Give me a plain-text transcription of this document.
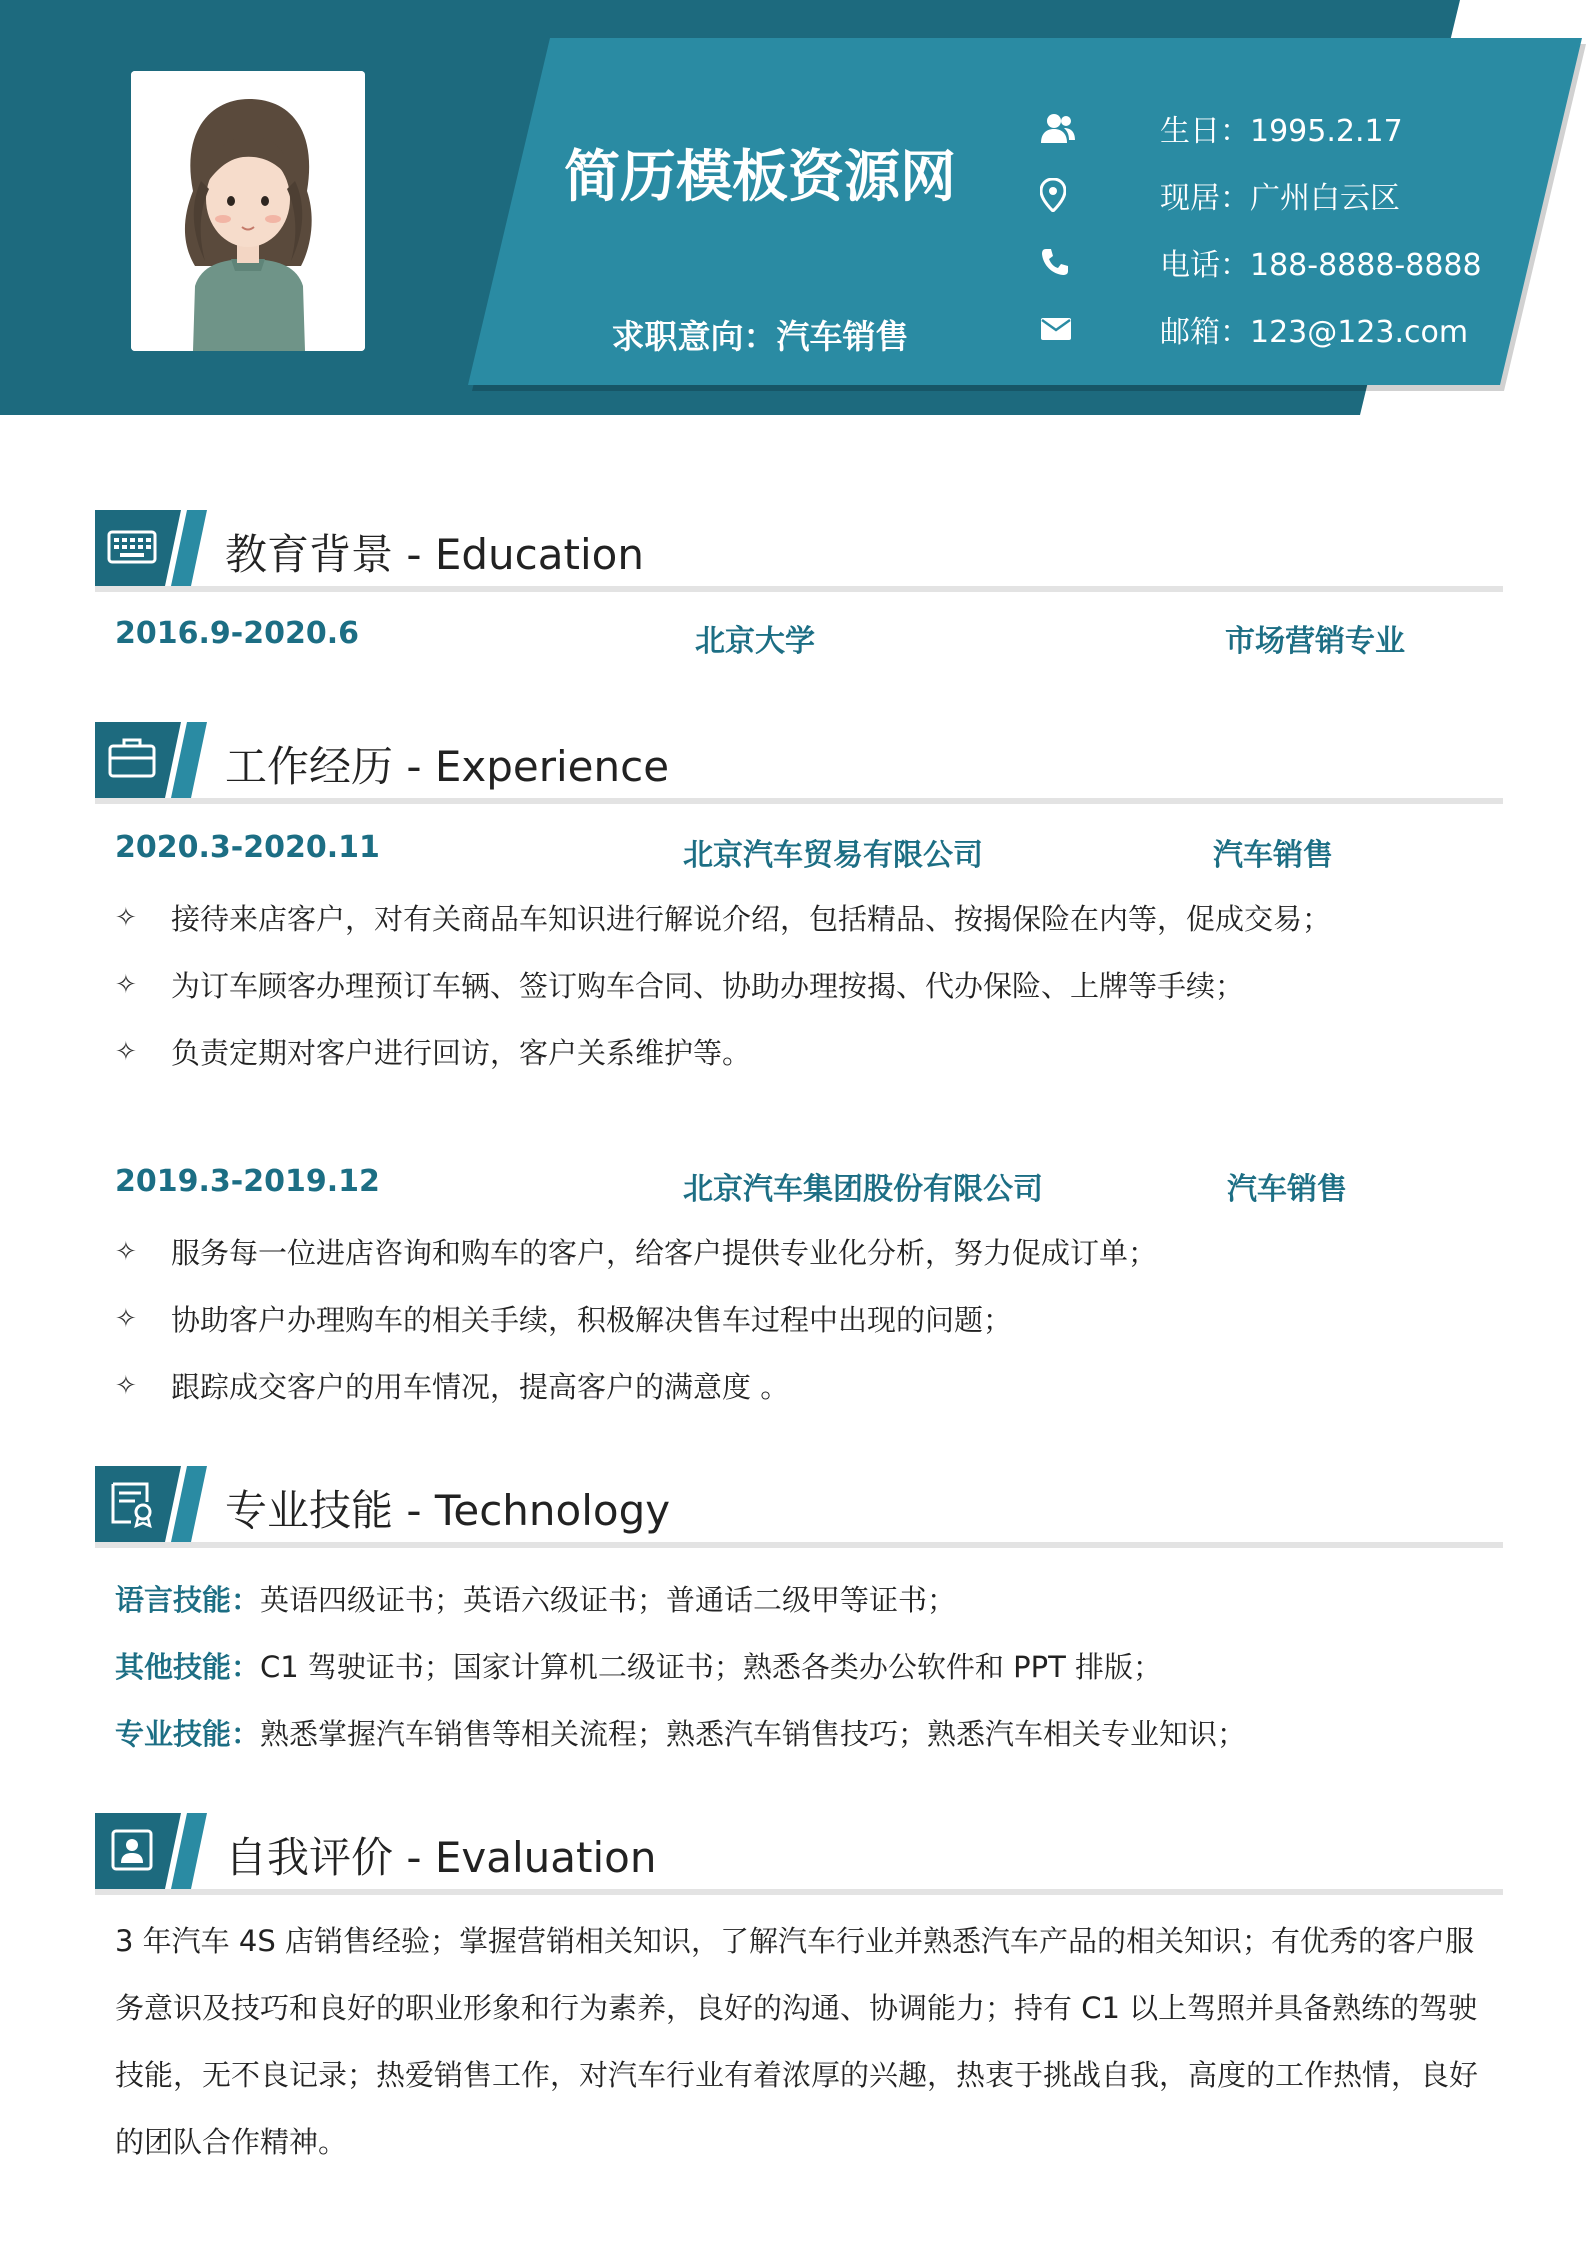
简历模板资源网
求职意向：汽车销售
生日：1995.2.17
现居：广州白云区
电话：188-8888-8888
邮箱：123@123.com
教育背景 - Education
2016.9-2020.6	北京大学	市场营销专业
工作经历 - Experience
2020.3-2020.11	北京汽车贸易有限公司	汽车销售
✧	接待来店客户，对有关商品车知识进行解说介绍，包括精品、按揭保险在内等，促成交易；
✧	为订车顾客办理预订车辆、签订购车合同、协助办理按揭、代办保险、上牌等手续；
✧	负责定期对客户进行回访，客户关系维护等。
2019.3-2019.12	北京汽车集团股份有限公司	汽车销售
✧	服务每一位进店咨询和购车的客户，给客户提供专业化分析，努力促成订单；
✧	协助客户办理购车的相关手续，积极解决售车过程中出现的问题；
✧	跟踪成交客户的用车情况，提高客户的满意度 。
专业技能 - Technology
语言技能： 英语四级证书；英语六级证书；普通话二级甲等证书；
其他技能： C1 驾驶证书；国家计算机二级证书；熟悉各类办公软件和 PPT 排版；
专业技能： 熟悉掌握汽车销售等相关流程；熟悉汽车销售技巧；熟悉汽车相关专业知识；
自我评价 - Evaluation
3 年汽车 4S 店销售经验；掌握营销相关知识，了解汽车行业并熟悉汽车产品的相关知识；有优秀的客户服务意识及技巧和良好的职业形象和行为素养，良好的沟通、协调能力；持有 C1 以上驾照并具备熟练的驾驶技能，无不良记录；热爱销售工作，对汽车行业有着浓厚的兴趣，热衷于挑战自我，高度的工作热情，良好的团队合作精神。
